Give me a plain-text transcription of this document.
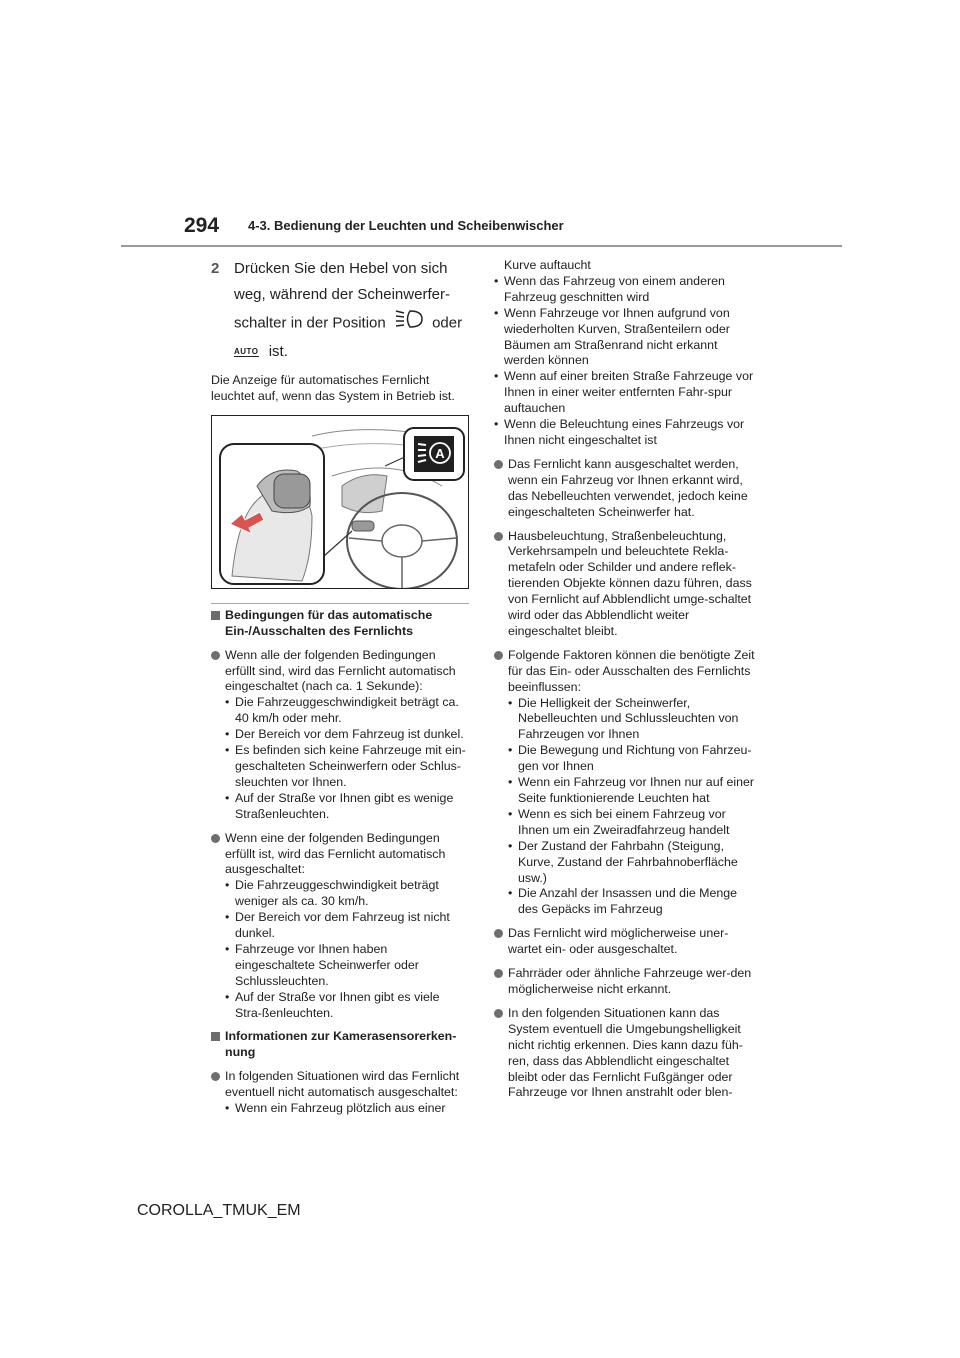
294 4-3. Bedienung der Leuchten und Scheibenwischer
2 Drücken Sie den Hebel von sich weg, während der Scheinwerfer-schalter in der Position	oder
AUTO ist.

Die Anzeige für automatisches Fernlicht leuchtet auf, wenn das System in Betrieb ist.

A
Bedingungen für das automatische Ein-/Ausschalten des Fernlichts
Wenn alle der folgenden Bedingungen erfüllt sind, wird das Fernlicht automatisch eingeschaltet (nach ca. 1 Sekunde):
• Die Fahrzeuggeschwindigkeit beträgt ca. 40 km/h oder mehr.
• Der Bereich vor dem Fahrzeug ist dunkel.
• Es befinden sich keine Fahrzeuge mit ein-geschalteten Scheinwerfern oder Schlus-sleuchten vor Ihnen.
• Auf der Straße vor Ihnen gibt es wenige Straßenleuchten.
Wenn eine der folgenden Bedingungen erfüllt ist, wird das Fernlicht automatisch ausgeschaltet:
• Die Fahrzeuggeschwindigkeit beträgt weniger als ca. 30 km/h.
• Der Bereich vor dem Fahrzeug ist nicht dunkel.
• Fahrzeuge vor Ihnen haben eingeschaltete Scheinwerfer oder Schlussleuchten.
• Auf der Straße vor Ihnen gibt es viele Stra-ßenleuchten.
Informationen zur Kamerasensorerken-nung
In folgenden Situationen wird das Fernlicht eventuell nicht automatisch ausgeschaltet:
• Wenn ein Fahrzeug plötzlich aus einer
Kurve auftaucht
• Wenn das Fahrzeug von einem anderen Fahrzeug geschnitten wird
• Wenn Fahrzeuge vor Ihnen aufgrund von wiederholten Kurven, Straßenteilern oder Bäumen am Straßenrand nicht erkannt werden können
• Wenn auf einer breiten Straße Fahrzeuge vor Ihnen in einer weiter entfernten Fahr-spur auftauchen
• Wenn die Beleuchtung eines Fahrzeugs vor Ihnen nicht eingeschaltet ist
Das Fernlicht kann ausgeschaltet werden, wenn ein Fahrzeug vor Ihnen erkannt wird, das Nebelleuchten verwendet, jedoch keine eingeschalteten Scheinwerfer hat.
Hausbeleuchtung, Straßenbeleuchtung, Verkehrsampeln und beleuchtete Rekla-metafeln oder Schilder und andere reflek-tierenden Objekte können dazu führen, dass von Fernlicht auf Abblendlicht umge-schaltet wird oder das Abblendlicht weiter eingeschaltet bleibt.
Folgende Faktoren können die benötigte Zeit für das Ein- oder Ausschalten des Fernlichts beeinflussen:
• Die Helligkeit der Scheinwerfer, Nebelleuchten und Schlussleuchten von Fahrzeugen vor Ihnen
• Die Bewegung und Richtung von Fahrzeu-gen vor Ihnen
• Wenn ein Fahrzeug vor Ihnen nur auf einer Seite funktionierende Leuchten hat
• Wenn es sich bei einem Fahrzeug vor Ihnen um ein Zweiradfahrzeug handelt
• Der Zustand der Fahrbahn (Steigung, Kurve, Zustand der Fahrbahnoberfläche usw.)
• Die Anzahl der Insassen und die Menge des Gepäcks im Fahrzeug
Das Fernlicht wird möglicherweise uner-wartet ein- oder ausgeschaltet.
Fahrräder oder ähnliche Fahrzeuge wer-den möglicherweise nicht erkannt.
In den folgenden Situationen kann das System eventuell die Umgebungshelligkeit nicht richtig erkennen. Dies kann dazu füh-ren, dass das Abblendlicht eingeschaltet bleibt oder das Fernlicht Fußgänger oder Fahrzeuge vor Ihnen anstrahlt oder blen-
COROLLA_TMUK_EM
